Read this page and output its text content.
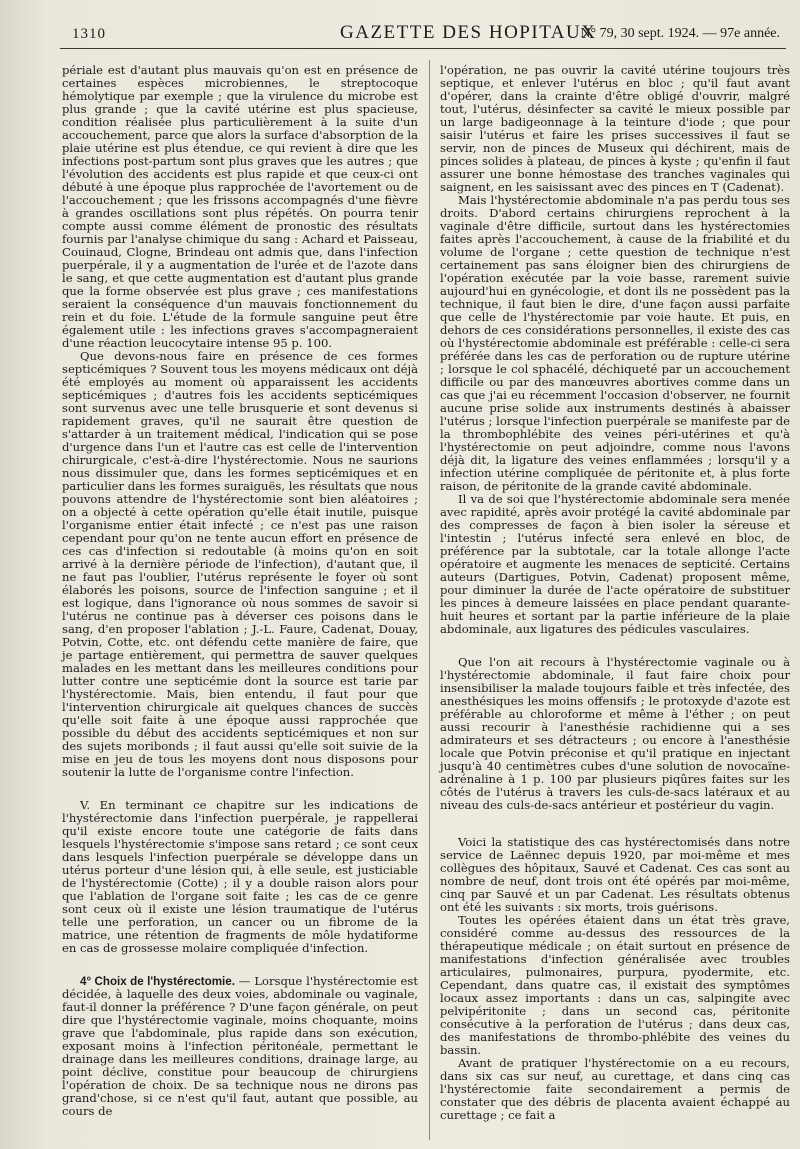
1310	GAZETTE DES HOPITAUX
N° 79, 30 sept. 1924. — 97e année.

périale est d'autant plus mauvais qu'on est en présence de certaines espèces microbiennes, le streptocoque hémolytique par exemple ; que la virulence du microbe est plus grande ; que la cavité utérine est plus spacieuse, condition réalisée plus particulièrement à la suite d'un accouchement, parce que alors la surface d'absorption de la plaie utérine est plus étendue, ce qui revient à dire que les infections post-partum sont plus graves que les autres ; que l'évolution des accidents est plus rapide et que ceux-ci ont débuté à une époque plus rapprochée de l'avortement ou de l'accouchement ; que les frissons accompagnés d'une fièvre à grandes oscillations sont plus répétés. On pourra tenir compte aussi comme élément de pronostic des résultats fournis par l'analyse chimique du sang : Achard et Paisseau, Couinaud, Clogne, Brindeau ont admis que, dans l'infection puerpérale, il y a augmentation de l'urée et de l'azote dans le sang, et que cette augmentation est d'autant plus grande que la forme observée est plus grave ; ces manifestations seraient la conséquence d'un mauvais fonctionnement du rein et du foie. L'étude de la formule sanguine peut être également utile : les infections graves s'accompagneraient d'une réaction leucocytaire intense 95 p. 100.

Que devons-nous faire en présence de ces formes septicémiques ? Souvent tous les moyens médicaux ont déjà été employés au moment où apparaissent les accidents septicémiques ; d'autres fois les accidents septicémiques sont survenus avec une telle brusquerie et sont devenus si rapidement graves, qu'il ne saurait être question de s'attarder à un traitement médical, l'indication qui se pose d'urgence dans l'un et l'autre cas est celle de l'intervention chirurgicale, c'est-à-dire l'hystérectomie. Nous ne saurions nous dissimuler que, dans les formes septicémiques et en particulier dans les formes suraiguës, les résultats que nous pouvons attendre de l'hystérectomie sont bien aléatoires ; on a objecté à cette opération qu'elle était inutile, puisque l'organisme entier était infecté ; ce n'est pas une raison cependant pour qu'on ne tente aucun effort en présence de ces cas d'infection si redoutable (à moins qu'on en soit arrivé à la dernière période de l'infection), d'autant que, il ne faut pas l'oublier, l'utérus représente le foyer où sont élaborés les poisons, source de l'infection sanguine ; et il est logique, dans l'ignorance où nous sommes de savoir si l'utérus ne continue pas à déverser ces poisons dans le sang, d'en proposer l'ablation ; J.-L. Faure, Cadenat, Douay, Potvin, Cotte, etc. ont défendu cette manière de faire, que je partage entièrement, qui permettra de sauver quelques malades en les mettant dans les meilleures conditions pour lutter contre une septicémie dont la source est tarie par l'hystérectomie. Mais, bien entendu, il faut pour que l'intervention chirurgicale ait quelques chances de succès qu'elle soit faite à une époque aussi rapprochée que possible du début des accidents septicémiques et non sur des sujets moribonds ; il faut aussi qu'elle soit suivie de la mise en jeu de tous les moyens dont nous disposons pour soutenir la lutte de l'organisme contre l'infection.

V. En terminant ce chapitre sur les indications de l'hystérectomie dans l'infection puerpérale, je rappellerai qu'il existe encore toute une catégorie de faits dans lesquels l'hystérectomie s'impose sans retard ; ce sont ceux dans lesquels l'infection puerpérale se développe dans un utérus porteur d'une lésion qui, à elle seule, est justiciable de l'hystérectomie (Cotte) ; il y a double raison alors pour que l'ablation de l'organe soit faite ; les cas de ce genre sont ceux où il existe une lésion traumatique de l'utérus telle une perforation, un cancer ou un fibrome de la matrice, une rétention de fragments de môle hydatiforme en cas de grossesse molaire compliquée d'infection.

4° Choix de l'hystérectomie. — Lorsque l'hystérectomie est décidée, à laquelle des deux voies, abdominale ou vaginale, faut-il donner la préférence ? D'une façon générale, on peut dire que l'hystérectomie vaginale, moins choquante, moins grave que l'abdominale, plus rapide dans son exécution, exposant moins à l'infection péritonéale, permettant le drainage dans les meilleures conditions, drainage large, au point déclive, constitue pour beaucoup de chirurgiens l'opération de choix. De sa technique nous ne dirons pas grand'chose, si ce n'est qu'il faut, autant que possible, au cours de

l'opération, ne pas ouvrir la cavité utérine toujours très septique, et enlever l'utérus en bloc ; qu'il faut avant d'opérer, dans la crainte d'être obligé d'ouvrir, malgré tout, l'utérus, désinfecter sa cavité le mieux possible par un large badigeonnage à la teinture d'iode ; que pour saisir l'utérus et faire les prises successives il faut se servir, non de pinces de Museux qui déchirent, mais de pinces solides à plateau, de pinces à kyste ; qu'enfin il faut assurer une bonne hémostase des tranches vaginales qui saignent, en les saisissant avec des pinces en T (Cadenat).

Mais l'hystérectomie abdominale n'a pas perdu tous ses droits. D'abord certains chirurgiens reprochent à la vaginale d'être difficile, surtout dans les hystérectomies faites après l'accouchement, à cause de la friabilité et du volume de l'organe ; cette question de technique n'est certainement pas sans éloigner bien des chirurgiens de l'opération exécutée par la voie basse, rarement suivie aujourd'hui en gynécologie, et dont ils ne possèdent pas la technique, il faut bien le dire, d'une façon aussi parfaite que celle de l'hystérectomie par voie haute. Et puis, en dehors de ces considérations personnelles, il existe des cas où l'hystérectomie abdominale est préférable : celle-ci sera préférée dans les cas de perforation ou de rupture utérine ; lorsque le col sphacélé, déchiqueté par un accouchement difficile ou par des manœuvres abortives comme dans un cas que j'ai eu récemment l'occasion d'observer, ne fournit aucune prise solide aux instruments destinés à abaisser l'utérus ; lorsque l'infection puerpérale se manifeste par de la thrombophlébite des veines péri-utérines et qu'à l'hystérectomie on peut adjoindre, comme nous l'avons déjà dit, la ligature des veines enflammées ; lorsqu'il y a infection utérine compliquée de péritonite et, à plus forte raison, de péritonite de la grande cavité abdominale.

Il va de soi que l'hystérectomie abdominale sera menée avec rapidité, après avoir protégé la cavité abdominale par des compresses de façon à bien isoler la séreuse et l'intestin ; l'utérus infecté sera enlevé en bloc, de préférence par la subtotale, car la totale allonge l'acte opératoire et augmente les menaces de septicité. Certains auteurs (Dartigues, Potvin, Cadenat) proposent même, pour diminuer la durée de l'acte opératoire de substituer les pinces à demeure laissées en place pendant quarante-huit heures et sortant par la partie inférieure de la plaie abdominale, aux ligatures des pédicules vasculaires.

Que l'on ait recours à l'hystérectomie vaginale ou à l'hystérectomie abdominale, il faut faire choix pour insensibiliser la malade toujours faible et très infectée, des anesthésiques les moins offensifs ; le protoxyde d'azote est préférable au chloroforme et même à l'éther ; on peut aussi recourir à l'anesthésie rachidienne qui a ses admirateurs et ses détracteurs ; ou encore à l'anesthésie locale que Potvin préconise et qu'il pratique en injectant jusqu'à 40 centimètres cubes d'une solution de novocaïne-adrénaline à 1 p. 100 par plusieurs piqûres faites sur les côtés de l'utérus à travers les culs-de-sacs latéraux et au niveau des culs-de-sacs antérieur et postérieur du vagin.

Voici la statistique des cas hystérectomisés dans notre service de Laënnec depuis 1920, par moi-même et mes collègues des hôpitaux, Sauvé et Cadenat. Ces cas sont au nombre de neuf, dont trois ont été opérés par moi-même, cinq par Sauvé et un par Cadenat. Les résultats obtenus ont été les suivants : six morts, trois guérisons.

Toutes les opérées étaient dans un état très grave, considéré comme au-dessus des ressources de la thérapeutique médicale ; on était surtout en présence de manifestations d'infection généralisée avec troubles articulaires, pulmonaires, purpura, pyodermite, etc. Cependant, dans quatre cas, il existait des symptômes locaux assez importants : dans un cas, salpingite avec pelvipéritonite ; dans un second cas, péritonite consécutive à la perforation de l'utérus ; dans deux cas, des manifestations de thrombo-phlébite des veines du bassin.

Avant de pratiquer l'hystérectomie on a eu recours, dans six cas sur neuf, au curettage, et dans cinq cas l'hystérectomie faite secondairement a permis de constater que des débris de placenta avaient échappé au curettage ; ce fait a
